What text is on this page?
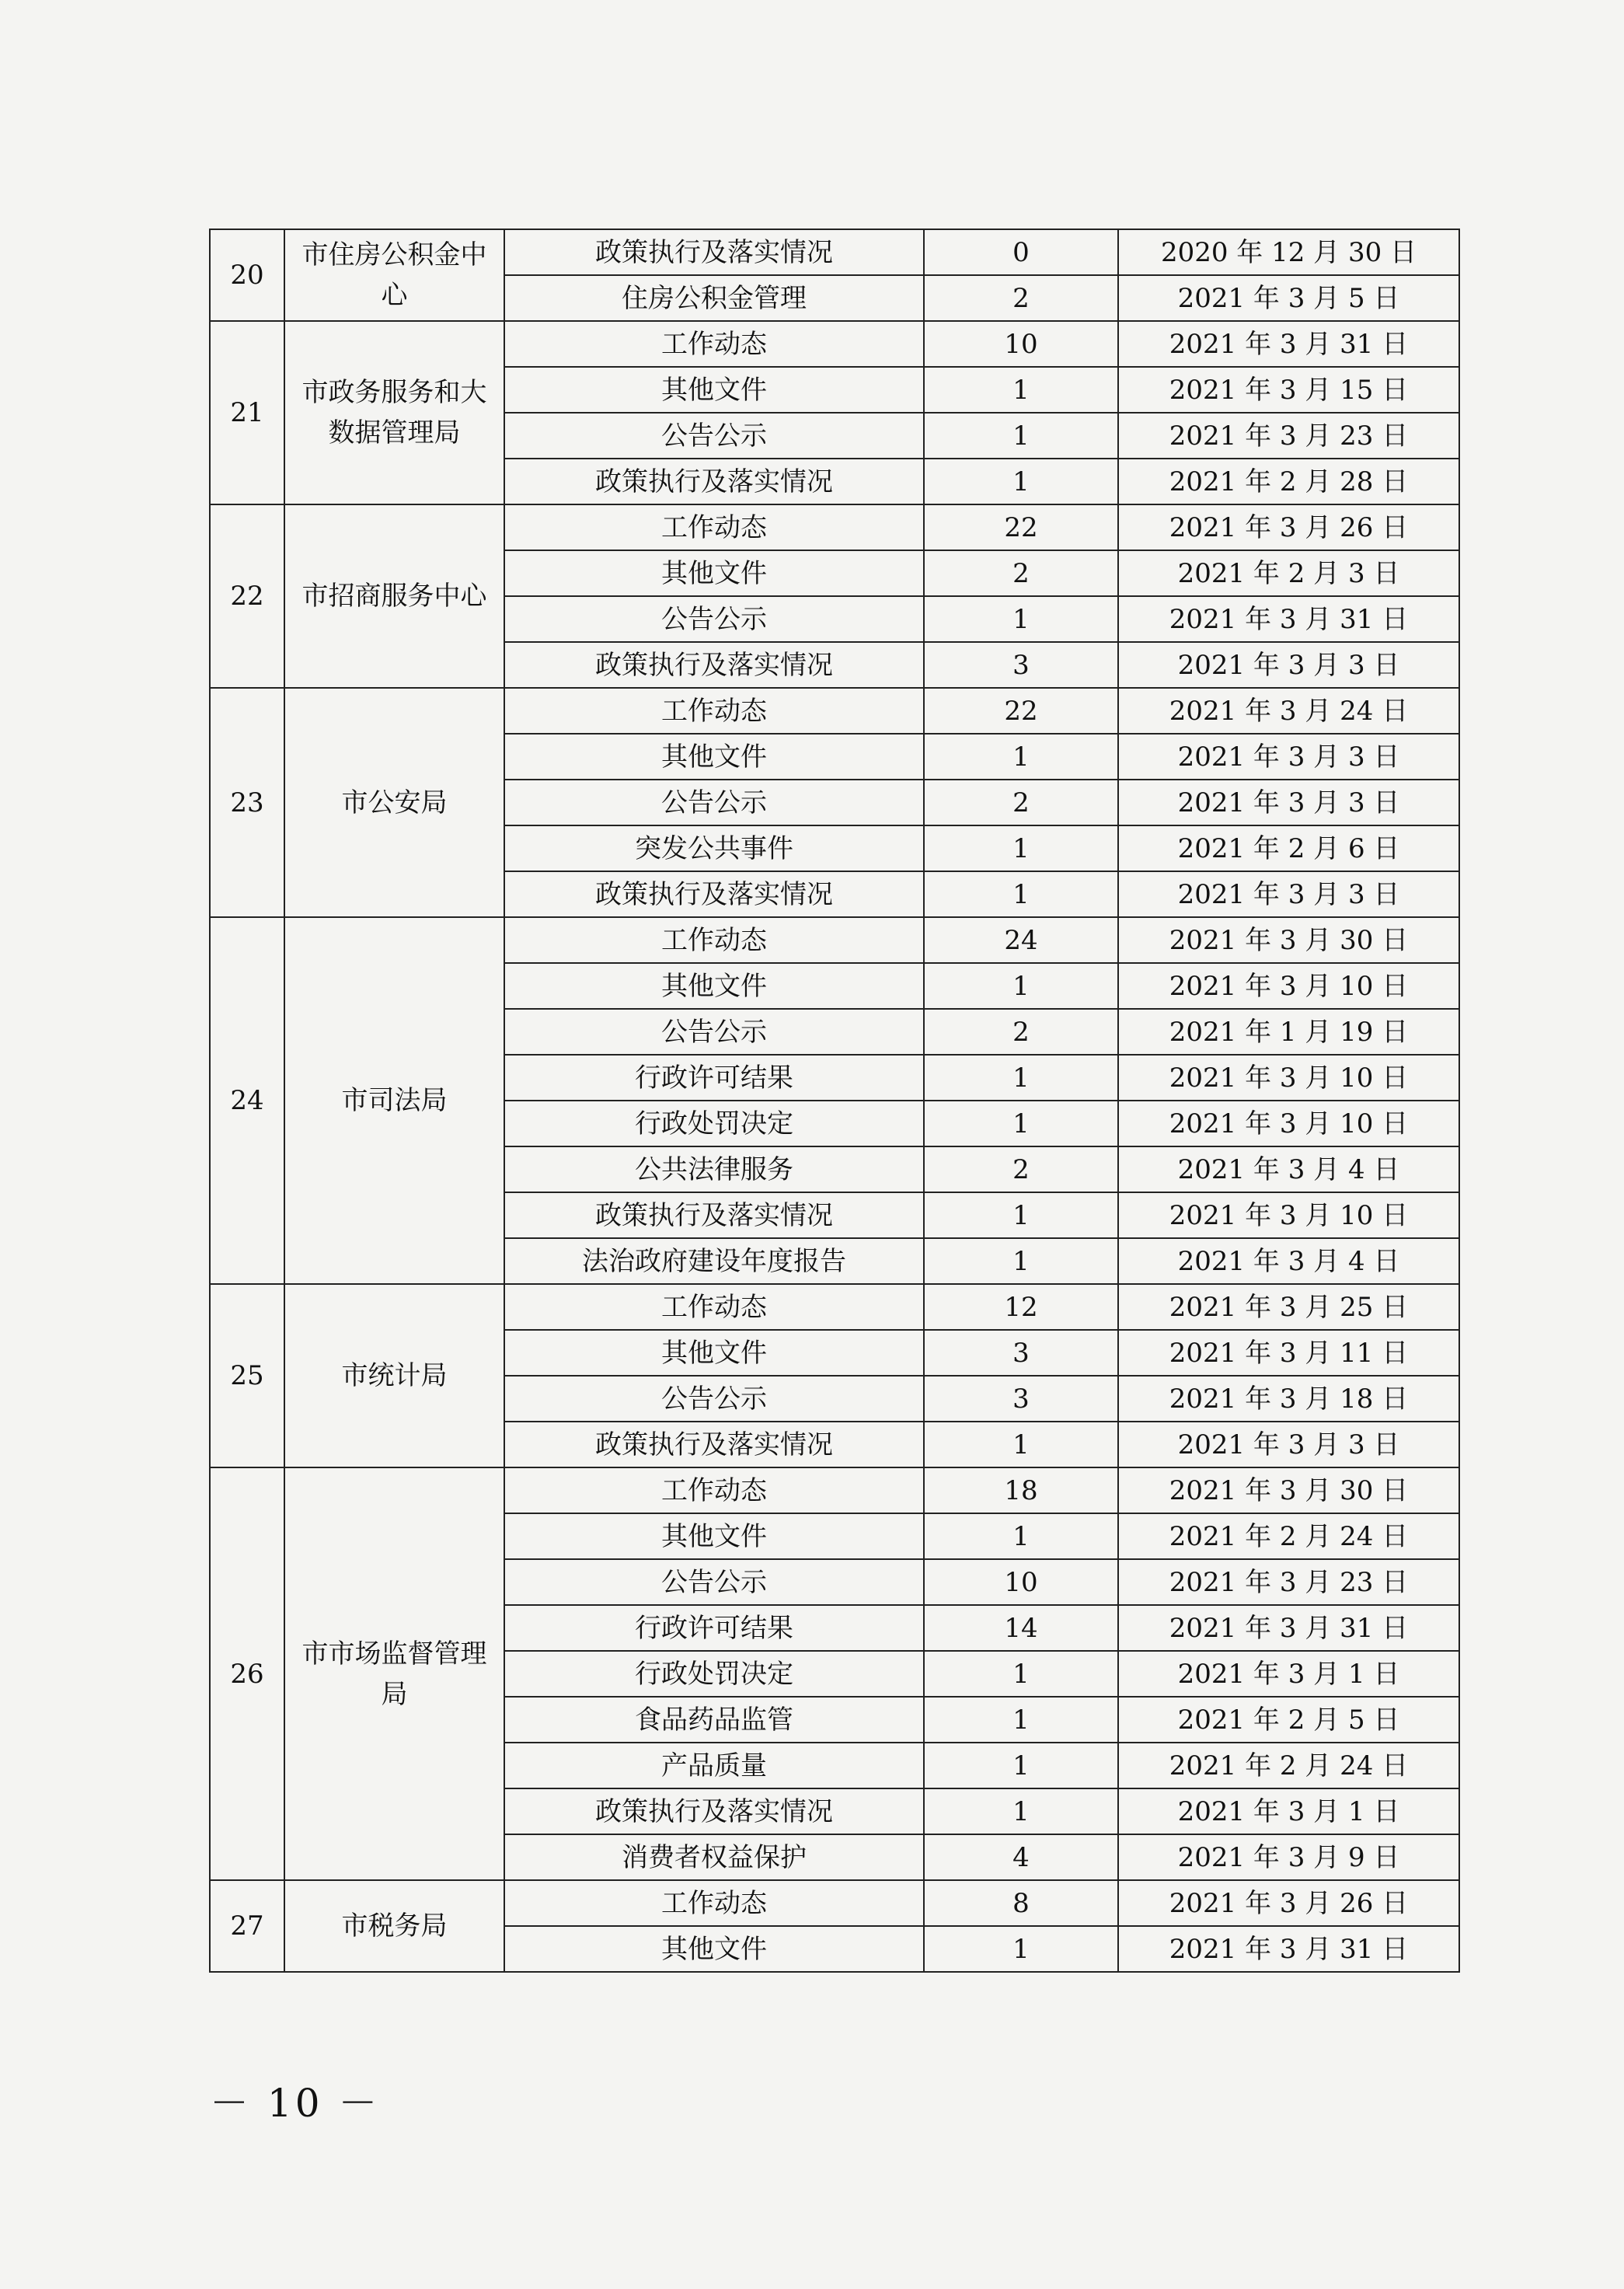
20	市住房公积金中心	政策执行及落实情况	0	2020 年 12 月 30 日
		住房公积金管理	2	2021 年 3 月 5 日
21	市政务服务和大数据管理局	工作动态	10	2021 年 3 月 31 日
		其他文件	1	2021 年 3 月 15 日
		公告公示	1	2021 年 3 月 23 日
		政策执行及落实情况	1	2021 年 2 月 28 日
22	市招商服务中心	工作动态	22	2021 年 3 月 26 日
		其他文件	2	2021 年 2 月 3 日
		公告公示	1	2021 年 3 月 31 日
		政策执行及落实情况	3	2021 年 3 月 3 日
23	市公安局	工作动态	22	2021 年 3 月 24 日
		其他文件	1	2021 年 3 月 3 日
		公告公示	2	2021 年 3 月 3 日
		突发公共事件	1	2021 年 2 月 6 日
		政策执行及落实情况	1	2021 年 3 月 3 日
24	市司法局	工作动态	24	2021 年 3 月 30 日
		其他文件	1	2021 年 3 月 10 日
		公告公示	2	2021 年 1 月 19 日
		行政许可结果	1	2021 年 3 月 10 日
		行政处罚决定	1	2021 年 3 月 10 日
		公共法律服务	2	2021 年 3 月 4 日
		政策执行及落实情况	1	2021 年 3 月 10 日
		法治政府建设年度报告	1	2021 年 3 月 4 日
25	市统计局	工作动态	12	2021 年 3 月 25 日
		其他文件	3	2021 年 3 月 11 日
		公告公示	3	2021 年 3 月 18 日
		政策执行及落实情况	1	2021 年 3 月 3 日
26	市市场监督管理局	工作动态	18	2021 年 3 月 30 日
		其他文件	1	2021 年 2 月 24 日
		公告公示	10	2021 年 3 月 23 日
		行政许可结果	14	2021 年 3 月 31 日
		行政处罚决定	1	2021 年 3 月 1 日
		食品药品监管	1	2021 年 2 月 5 日
		产品质量	1	2021 年 2 月 24 日
		政策执行及落实情况	1	2021 年 3 月 1 日
		消费者权益保护	4	2021 年 3 月 9 日
27	市税务局	工作动态	8	2021 年 3 月 26 日
		其他文件	1	2021 年 3 月 31 日
－ 10 －
